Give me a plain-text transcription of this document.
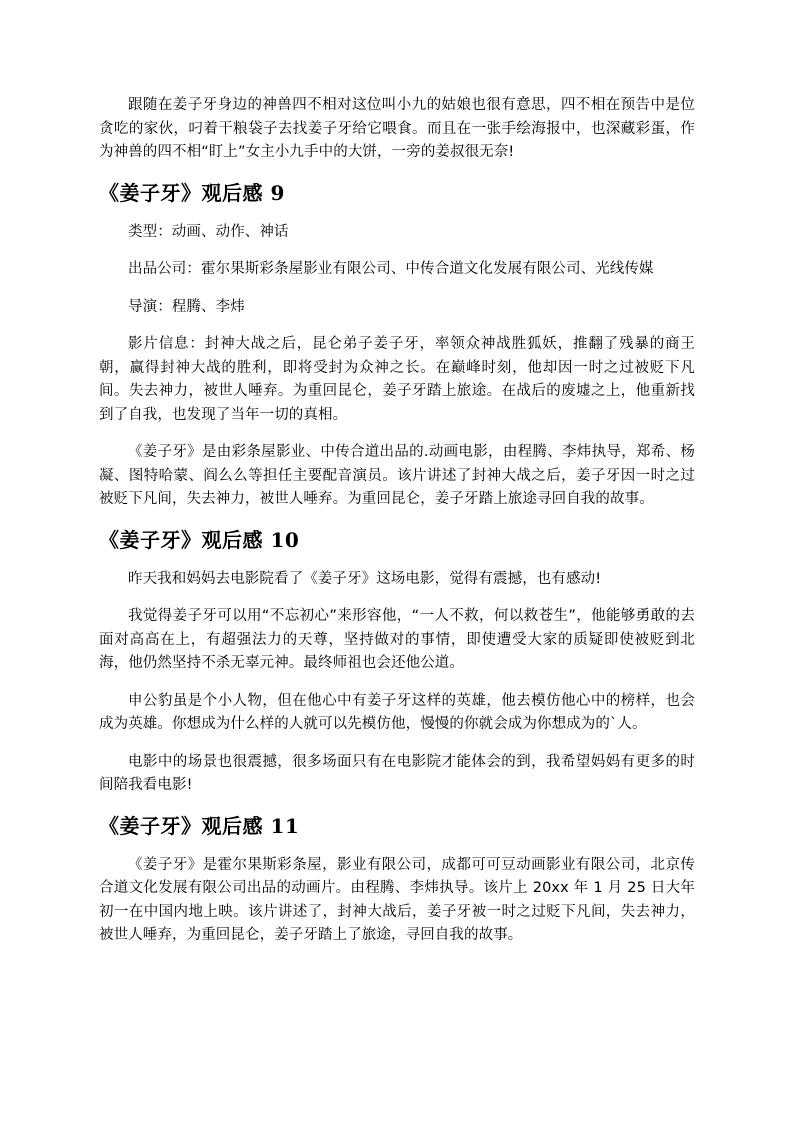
跟随在姜子牙身边的神兽四不相对这位叫小九的姑娘也很有意思，四不相在预告中是位贪吃的家伙，叼着干粮袋子去找姜子牙给它喂食。而且在一张手绘海报中，也深藏彩蛋，作为神兽的四不相“盯上”女主小九手中的大饼，一旁的姜叔很无奈!

《姜子牙》观后感 9

类型：动画、动作、神话

出品公司：霍尔果斯彩条屋影业有限公司、中传合道文化发展有限公司、光线传媒

导演：程腾、李炜

影片信息：封神大战之后，昆仑弟子姜子牙，率领众神战胜狐妖，推翻了残暴的商王朝，赢得封神大战的胜利，即将受封为众神之长。在巅峰时刻，他却因一时之过被贬下凡间。失去神力，被世人唾弃。为重回昆仑，姜子牙踏上旅途。在战后的废墟之上，他重新找到了自我，也发现了当年一切的真相。

《姜子牙》是由彩条屋影业、中传合道出品的.动画电影，由程腾、李炜执导，郑希、杨凝、图特哈蒙、阎么么等担任主要配音演员。该片讲述了封神大战之后，姜子牙因一时之过被贬下凡间，失去神力，被世人唾弃。为重回昆仑，姜子牙踏上旅途寻回自我的故事。

《姜子牙》观后感 10

昨天我和妈妈去电影院看了《姜子牙》这场电影，觉得有震撼，也有感动!

我觉得姜子牙可以用“不忘初心”来形容他，“一人不救，何以救苍生”，他能够勇敢的去面对高高在上，有超强法力的天尊，坚持做对的事情，即使遭受大家的质疑即使被贬到北海，他仍然坚持不杀无辜元神。最终师祖也会还他公道。

申公豹虽是个小人物，但在他心中有姜子牙这样的英雄，他去模仿他心中的榜样，也会成为英雄。你想成为什么样的人就可以先模仿他，慢慢的你就会成为你想成为的`人。

电影中的场景也很震撼，很多场面只有在电影院才能体会的到，我希望妈妈有更多的时间陪我看电影!

《姜子牙》观后感 11

《姜子牙》是霍尔果斯彩条屋，影业有限公司，成都可可豆动画影业有限公司，北京传合道文化发展有限公司出品的动画片。由程腾、李炜执导。该片上 20xx 年 1 月 25 日大年初一在中国内地上映。该片讲述了，封神大战后，姜子牙被一时之过贬下凡间，失去神力，被世人唾弃，为重回昆仑，姜子牙踏上了旅途，寻回自我的故事。
